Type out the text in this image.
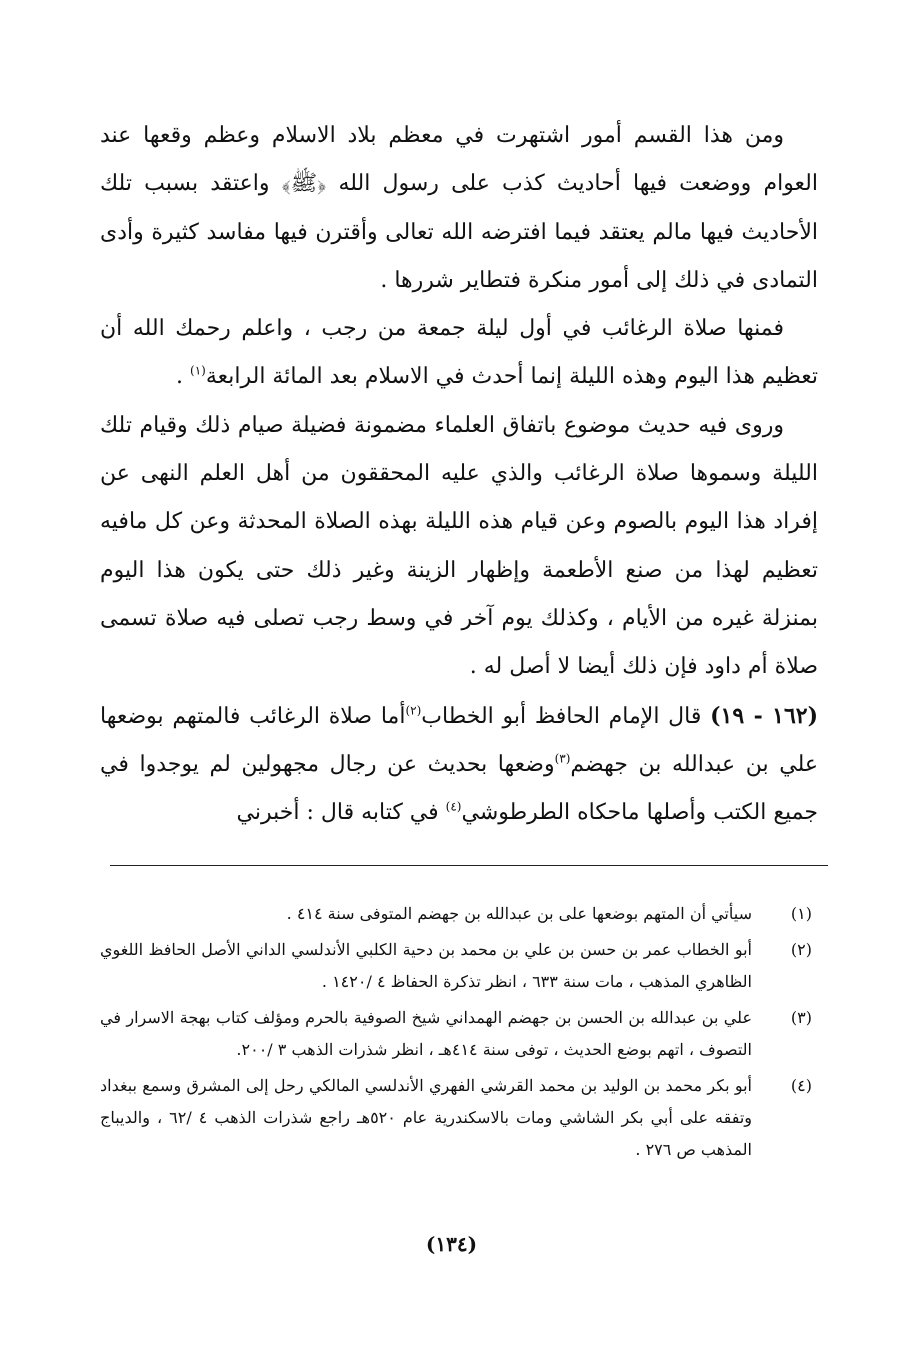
ومن هذا القسم أمور اشتهرت في معظم بلاد الاسلام وعظم وقعها عند العوام ووضعت فيها أحاديث كذب على رسول الله ﴿ﷺ﴾ واعتقد بسبب تلك الأحاديث فيها مالم يعتقد فيما افترضه الله تعالى وأقترن فيها مفاسد كثيرة وأدى التمادى في ذلك إلى أمور منكرة فتطاير شررها .

فمنها صلاة الرغائب في أول ليلة جمعة من رجب ، واعلم رحمك الله أن تعظيم هذا اليوم وهذه الليلة إنما أحدث في الاسلام بعد المائة الرابعة$^{(١)}$ .

وروى فيه حديث موضوع باتفاق العلماء مضمونة فضيلة صيام ذلك وقيام تلك الليلة وسموها صلاة الرغائب والذي عليه المحققون من أهل العلم النهى عن إفراد هذا اليوم بالصوم وعن قيام هذه الليلة بهذه الصلاة المحدثة وعن كل مافيه تعظيم لهذا من صنع الأطعمة وإظهار الزينة وغير ذلك حتى يكون هذا اليوم بمنزلة غيره من الأيام ، وكذلك يوم آخر في وسط رجب تصلى فيه صلاة تسمى صلاة أم داود فإن ذلك أيضا لا أصل له .

(١٦٢ - ١٩) قال الإمام الحافظ أبو الخطاب$^{(٢)}$أما صلاة الرغائب فالمتهم بوضعها علي بن عبدالله بن جهضم$^{(٣)}$وضعها بحديث عن رجال مجهولين لم يوجدوا في جميع الكتب وأصلها ماحكاه الطرطوشي$^{(٤)}$ في كتابه قال : أخبرني

(١)
سيأتي أن المتهم بوضعها على بن عبدالله بن جهضم المتوفى سنة ٤١٤ .
(٢)
أبو الخطاب عمر بن حسن بن علي بن محمد بن دحية الكلبي الأندلسي الداني الأصل الحافظ اللغوي الظاهري المذهب ، مات سنة ٦٣٣ ، انظر تذكرة الحفاظ ٤ /١٤٢٠ .
(٣)
علي بن عبدالله بن الحسن بن جهضم الهمداني شيخ الصوفية بالحرم ومؤلف كتاب بهجة الاسرار في التصوف ، اتهم بوضع الحديث ، توفى سنة ٤١٤هـ ، انظر شذرات الذهب ٣ /٢٠٠.
(٤)
أبو بكر محمد بن الوليد بن محمد القرشي الفهري الأندلسي المالكي رحل إلى المشرق وسمع ببغداد وتفقه على أبي بكر الشاشي ومات بالاسكندرية عام ٥٢٠هـ راجع شذرات الذهب ٤ /٦٢ ، والديباج المذهب ص ٢٧٦ .
(١٣٤)
